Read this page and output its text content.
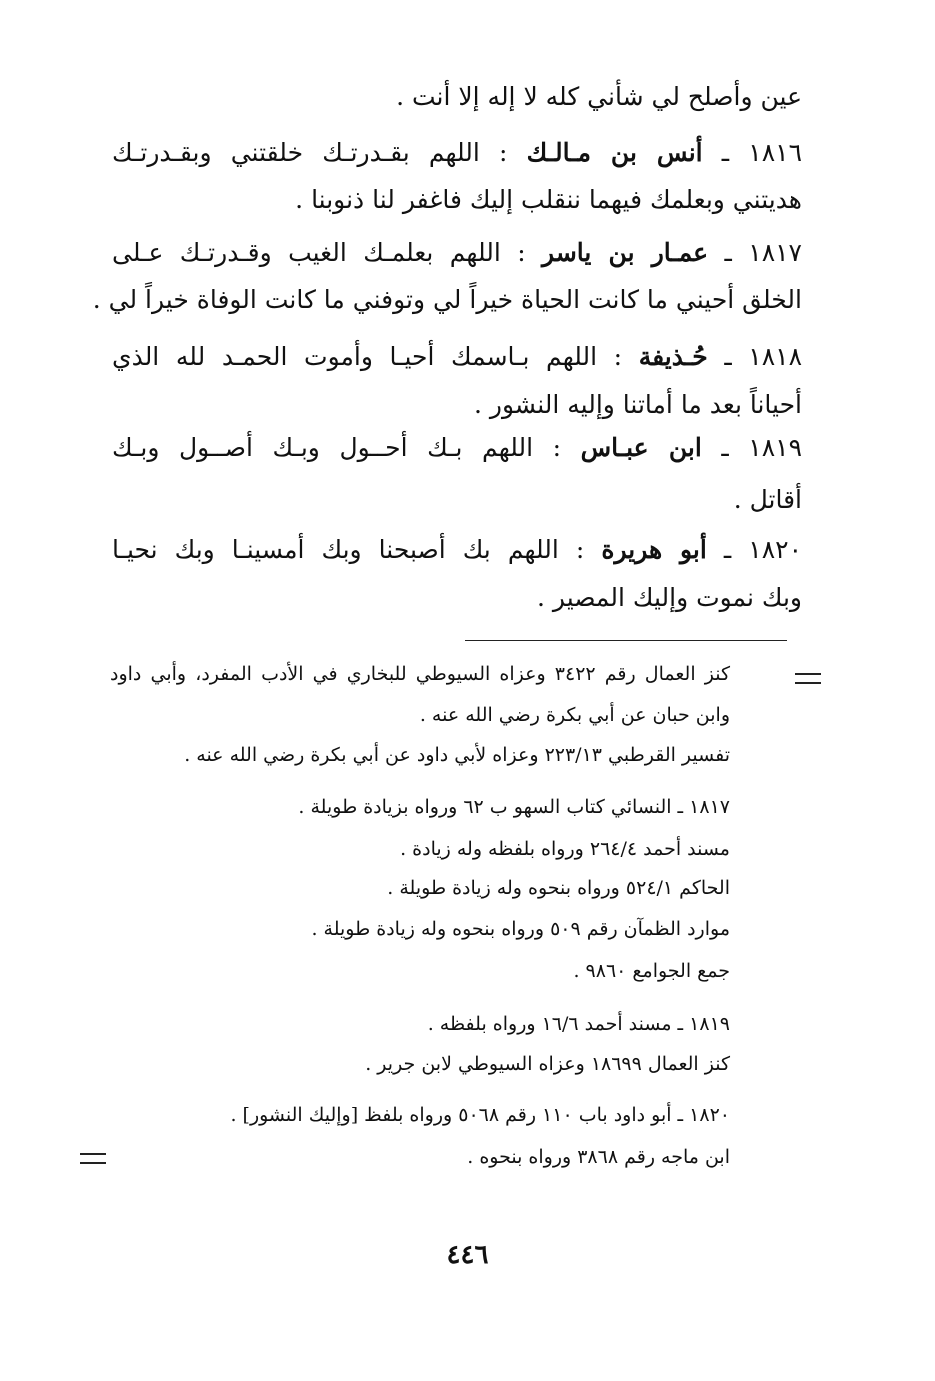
عين وأصلح لي شأني كله لا إله إلا أنت .
١٨١٦ ـ أنس بن مـالـك : اللهم بقـدرتـك خلقتني وبقـدرتـك
هديتني وبعلمك فيهما ننقلب إليك فاغفر لنا ذنوبنا .
١٨١٧ ـ عمـار بن ياسر : اللهم بعلمـك الغيب وقـدرتـك عـلى
الخلق أحيني ما كانت الحياة خيراً لي وتوفني ما كانت الوفاة خيراً لي .
١٨١٨ ـ حُـذيفة : اللهم بـاسمك أحيـا وأموت الحمـد لله الذي
أحياناً بعد ما أماتنا وإليه النشور .
١٨١٩ ـ ابن عبـاس : اللهم بـك أحــول وبـك أصــول وبـك
أقاتل .
١٨٢٠ ـ أبو هريرة : اللهم بك أصبحنا وبك أمسينـا وبك نحيـا
وبك نموت وإليك المصير .
كنز العمال رقم ٣٤٢٢ وعزاه السيوطي للبخاري في الأدب المفرد، وأبي داود
وابن حبان عن أبي بكرة رضي الله عنه .
تفسير القرطبي ٢٢٣/١٣ وعزاه لأبي داود عن أبي بكرة رضي الله عنه .
١٨١٧ ـ النسائي كتاب السهو ب ٦٢ ورواه بزيادة طويلة .
مسند أحمد ٢٦٤/٤ ورواه بلفظه وله زيادة .
الحاكم ٥٢٤/١ ورواه بنحوه وله زيادة طويلة .
موارد الظمآن رقم ٥٠٩ ورواه بنحوه وله زيادة طويلة .
جمع الجوامع ٩٨٦٠ .
١٨١٩ ـ مسند أحمد ١٦/٦ ورواه بلفظه .
كنز العمال ١٨٦٩٩ وعزاه السيوطي لابن جرير .
١٨٢٠ ـ أبو داود باب ١١٠ رقم ٥٠٦٨ ورواه بلفظ [وإليك النشور] .
ابن ماجه رقم ٣٨٦٨ ورواه بنحوه .
٤٤٦
